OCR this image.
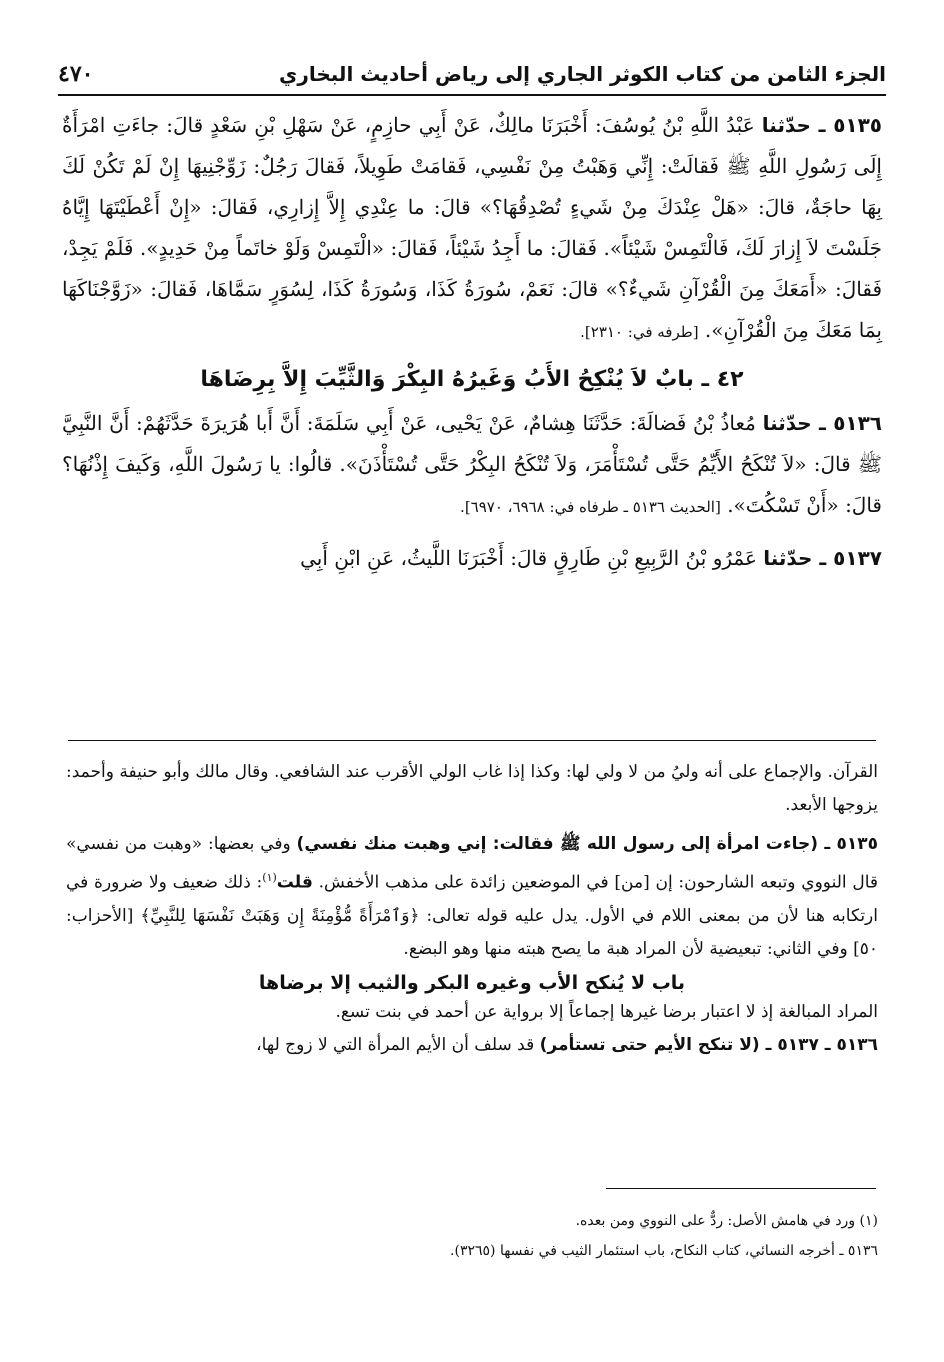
الجزء الثامن من كتاب الكوثر الجاري إلى رياض أحاديث البخاري
٤٧٠

٥١٣٥ ـ حدّثنا عَبْدُ اللَّهِ بْنُ يُوسُفَ: أَخْبَرَنَا مالِكٌ، عَنْ أَبِي حازِمٍ، عَنْ سَهْلِ بْنِ سَعْدٍ قالَ: جاءَتِ امْرَأَةٌ إِلَى رَسُولِ اللَّهِ ﷺ فَقالَتْ: إِنِّي وَهَبْتُ مِنْ نَفْسِي، فَقامَتْ طَوِيلاً، فَقالَ رَجُلٌ: زَوِّجْنِيهَا إِنْ لَمْ تَكُنْ لَكَ بِهَا حاجَةٌ، قالَ: «هَلْ عِنْدَكَ مِنْ شَيءٍ تُصْدِقُهَا؟» قالَ: ما عِنْدِي إِلاَّ إِزارِي، فَقالَ: «إِنْ أَعْطَيْتَهَا إِيَّاهُ جَلَسْتَ لاَ إِزارَ لَكَ، فَالْتَمِسْ شَيْئاً». فَقالَ: ما أَجِدُ شَيْئاً، فَقالَ: «الْتَمِسْ وَلَوْ خاتَماً مِنْ حَدِيدٍ». فَلَمْ يَجِدْ، فَقالَ: «أَمَعَكَ مِنَ الْقُرْآنِ شَيءٌ؟» قالَ: نَعَمْ، سُورَةُ كَذَا، وَسُورَةُ كَذَا، لِسُوَرٍ سَمَّاهَا، فَقالَ: «زَوَّجْنَاكَهَا بِمَا مَعَكَ مِنَ الْقُرْآنِ». [طرفه في: ٢٣١٠].

٤٢ ـ بابٌ لاَ يُنْكِحُ الأَبُ وَغَيرُهُ البِكْرَ وَالثَّيِّبَ إِلاَّ بِرِضَاهَا

٥١٣٦ ـ حدّثنا مُعاذُ بْنُ فَضالَةَ: حَدَّثَنَا هِشامٌ، عَنْ يَحْيى، عَنْ أَبِي سَلَمَةَ: أَنَّ أَبا هُرَيرَةَ حَدَّثَهُمْ: أَنَّ النَّبِيَّ ﷺ قالَ: «لاَ تُنْكَحُ الأَيِّمُ حَتَّى تُسْتَأْمَرَ، وَلاَ تُنْكَحُ البِكْرُ حَتَّى تُسْتَأْذَنَ». قالُوا: يا رَسُولَ اللَّهِ، وَكَيفَ إِذْنُهَا؟ قالَ: «أَنْ تَسْكُتَ». [الحديث ٥١٣٦ ـ طرفاه في: ٦٩٦٨، ٦٩٧٠].

٥١٣٧ ـ حدّثنا عَمْرُو بْنُ الرَّبِيعِ بْنِ طَارِقٍ قالَ: أَخْبَرَنَا اللَّيثُ، عَنِ ابْنِ أَبِي

القرآن. والإجماع على أنه وليُ من لا ولي لها: وكذا إذا غاب الولي الأقرب عند الشافعي. وقال مالك وأبو حنيفة وأحمد: يزوجها الأبعد.

٥١٣٥ ـ (جاءت امرأة إلى رسول الله ﷺ فقالت: إني وهبت منك نفسي) وفي بعضها: «وهبت من نفسي» قال النووي وتبعه الشارحون: إن [من] في الموضعين زائدة على مذهب الأخفش. قلت$^{(١)}$: ذلك ضعيف ولا ضرورة في ارتكابه هنا لأن من بمعنى اللام في الأول. يدل عليه قوله تعالى: ﴿وَٱمْرَأَةً مُّؤْمِنَةً إِن وَهَبَتْ نَفْسَهَا لِلنَّبِيِّ﴾ [الأحزاب: ٥٠] وفي الثاني: تبعيضية لأن المراد هبة ما يصح هبته منها وهو البضع.

باب لا يُنكح الأب وغيره البكر والثيب إلا برضاها

المراد المبالغة إذ لا اعتبار برضا غيرها إجماعاً إلا برواية عن أحمد في بنت تسع.

٥١٣٦ ـ ٥١٣٧ ـ (لا تنكح الأيم حتى تستأمر) قد سلف أن الأيم المرأة التي لا زوج لها،

(١) ورد في هامش الأصل: ردٌّ على النووي ومن بعده.

٥١٣٦ ـ أخرجه النسائي، كتاب النكاح، باب استئمار الثيب في نفسها (٣٢٦٥).
